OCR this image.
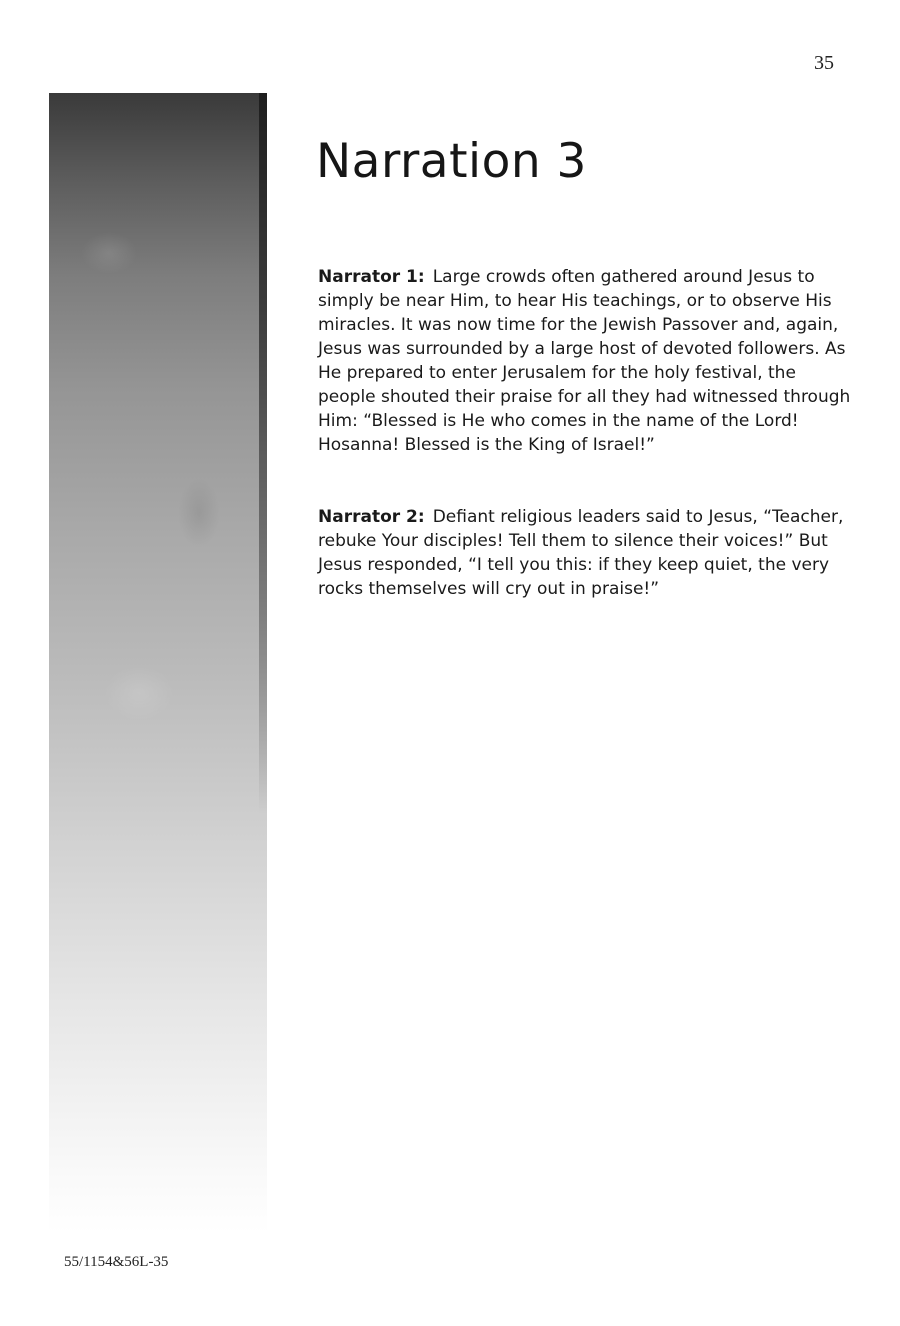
35
Narration 3

Narrator 1: Large crowds often gathered around Jesus to simply be near Him, to hear His teachings, or to observe His miracles. It was now time for the Jewish Passover and, again, Jesus was surrounded by a large host of devoted followers. As He prepared to enter Jerusalem for the holy festival, the people shouted their praise for all they had witnessed through Him: “Blessed is He who comes in the name of the Lord! Hosanna! Blessed is the King of Israel!”

Narrator 2: Defiant religious leaders said to Jesus, “Teacher, rebuke Your disciples! Tell them to silence their voices!” But Jesus responded, “I tell you this: if they keep quiet, the very rocks themselves will cry out in praise!”

55/1154&56L-35
